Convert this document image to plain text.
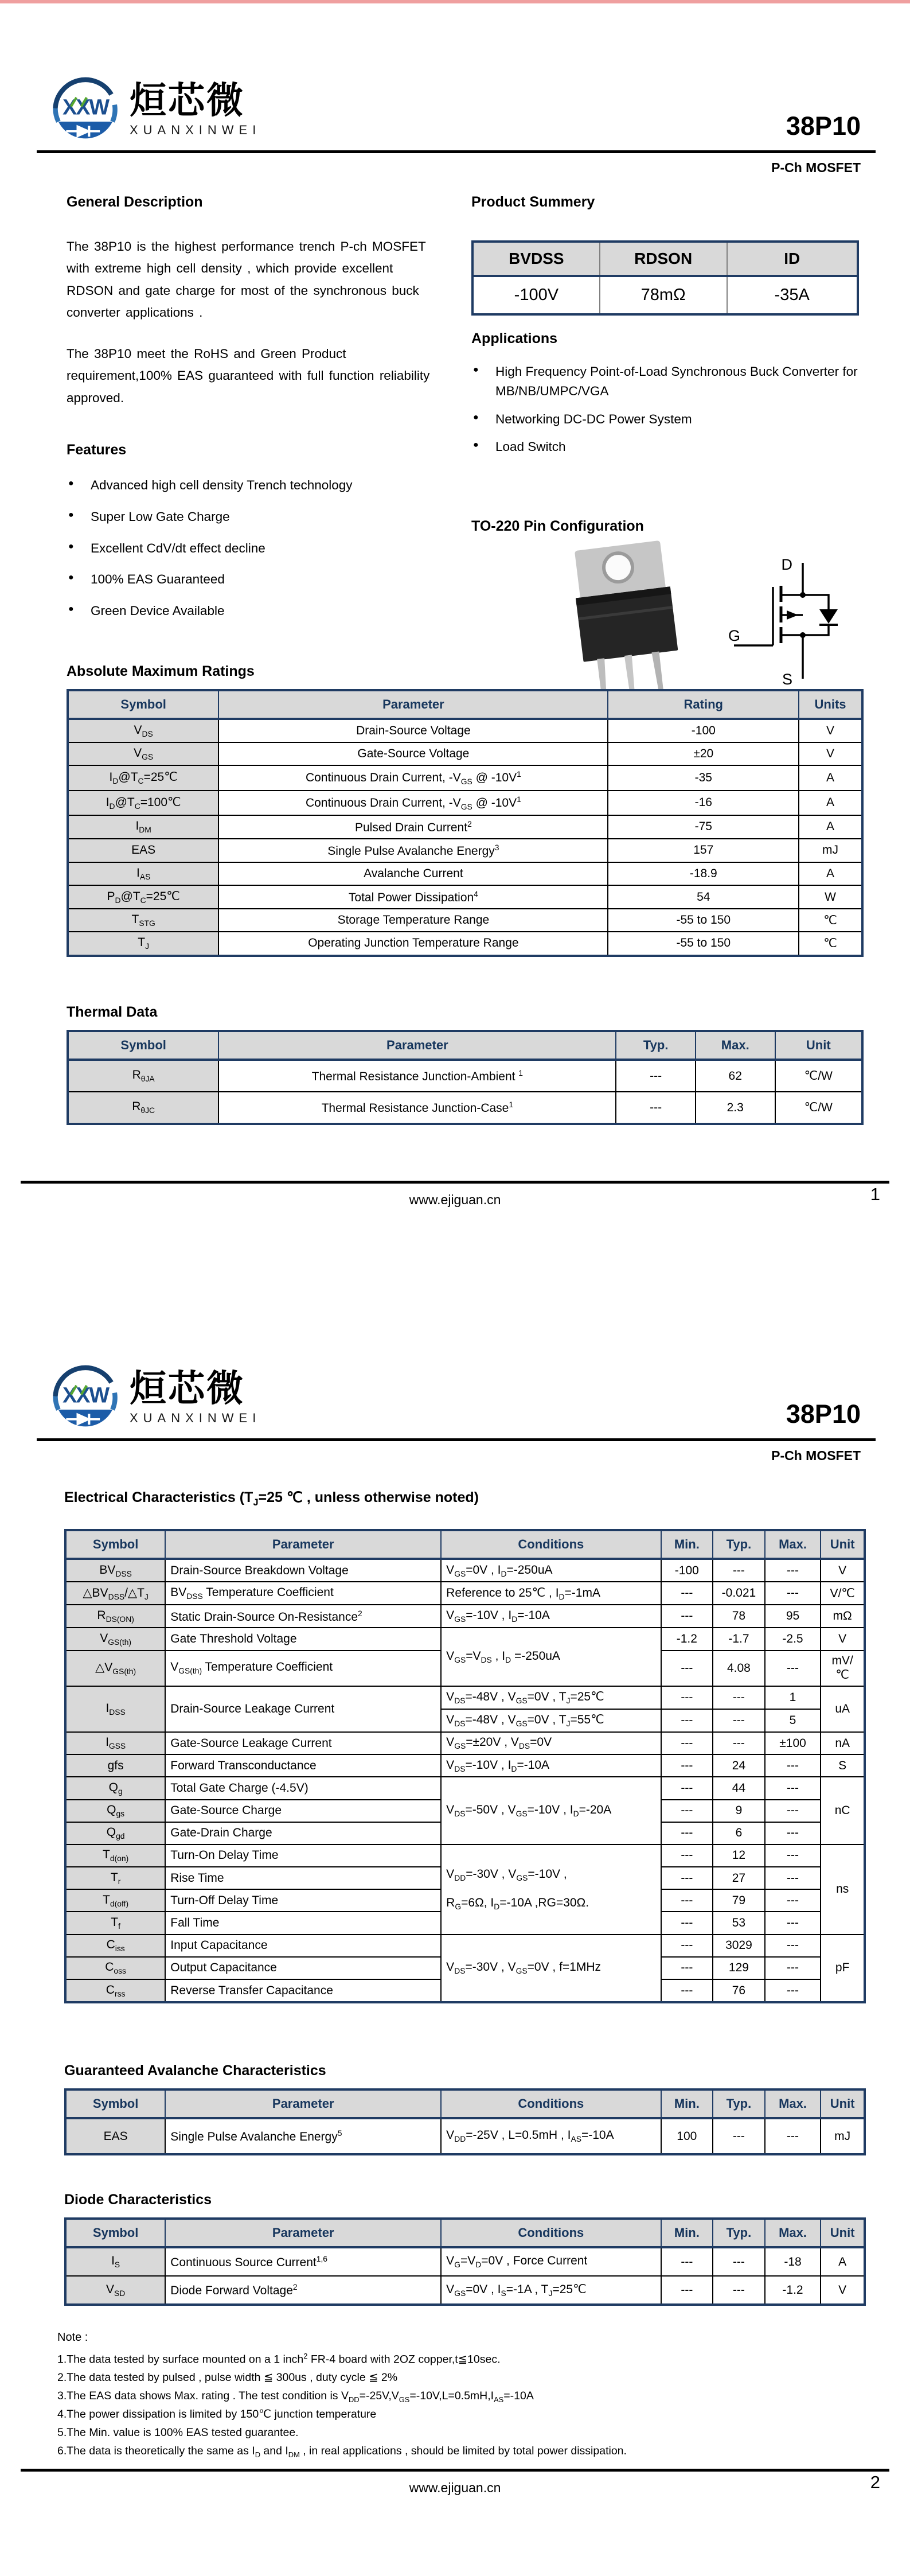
XXW 烜芯微
XUANXINWEI	38P10
P-Ch MOSFET
General Description

The 38P10 is the highest performance trench P-ch MOSFET with extreme high cell density , which provide excellent RDSON and gate charge for most of the synchronous buck converter applications .

The 38P10 meet the RoHS and Green Product requirement,100% EAS guaranteed with full function reliability approved.

Features
● Advanced high cell density Trench technology
● Super Low Gate Charge
● Excellent CdV/dt effect decline
● 100% EAS Guaranteed
● Green Device Available
Product Summery
BVDSS	RDSON	ID
-100V	78mΩ	-35A
Applications
● High Frequency Point-of-Load Synchronous Buck Converter for MB/NB/UMPC/VGA
● Networking DC-DC Power System
● Load Switch
TO-220 Pin Configuration
D
G
S
Absolute Maximum Ratings
Symbol	Parameter	Rating	Units
$V_{DS}$	Drain-Source Voltage	-100	V
$V_{GS}$	Gate-Source Voltage	±20	V
$I_D@T_C=25℃$	Continuous Drain Current, $-V_{GS}$ @ $-10V^1$	-35	A
$I_D@T_C=100℃$	Continuous Drain Current, $-V_{GS}$ @ $-10V^1$	-16	A
$I_{DM}$	Pulsed Drain Current$^2$	-75	A
EAS	Single Pulse Avalanche Energy$^3$	157	mJ
$I_{AS}$	Avalanche Current	-18.9	A
$P_D@T_C=25℃$	Total Power Dissipation$^4$	54	W
$T_{STG}$	Storage Temperature Range	-55 to 150	℃
$T_J$	Operating Junction Temperature Range	-55 to 150	℃
Thermal Data
Symbol	Parameter	Typ.	Max.	Unit
$R_{\theta JA}$	Thermal Resistance Junction-Ambient $^1$	---	62	℃/W
$R_{\theta JC}$	Thermal Resistance Junction-Case$^1$	---	2.3	℃/W
www.ejiguan.cn	1
XXW 烜芯微
XUANXINWEI	38P10
P-Ch MOSFET
Electrical Characteristics ($T_J=25$ ℃ , unless otherwise noted)
Symbol	Parameter	Conditions	Min.	Typ.	Max.	Unit
$BV_{DSS}$	Drain-Source Breakdown Voltage	$V_{GS}=0V$ , $I_D=-250uA$	-100	---	---	V
$\triangle BV_{DSS}/\triangle T_J$	$BV_{DSS}$ Temperature Coefficient	Reference to 25℃ , $I_D=-1mA$	---	-0.021	---	V/℃
$R_{DS(ON)}$	Static Drain-Source On-Resistance$^2$	$V_{GS}=-10V$ , $I_D=-10A$	---	78	95	mΩ
$V_{GS(th)}$	Gate Threshold Voltage	$V_{GS}=V_{DS}$ , $I_D =-250uA$	-1.2	-1.7	-2.5	V
$\triangle V_{GS(th)}$	$V_{GS(th)}$ Temperature Coefficient		---	4.08	---	mV/℃
$I_{DSS}$	Drain-Source Leakage Current	$V_{DS}=-48V$ , $V_{GS}=0V$ , $T_J=25℃$	---	---	1	uA
		$V_{DS}=-48V$ , $V_{GS}=0V$ , $T_J=55℃$	---	---	5	
$I_{GSS}$	Gate-Source Leakage Current	$V_{GS}=\pm 20V$ , $V_{DS}=0V$	---	---	±100	nA
gfs	Forward Transconductance	$V_{DS}=-10V$ , $I_D=-10A$	---	24	---	S
$Q_g$	Total Gate Charge (-4.5V)	$V_{DS}=-50V$ , $V_{GS}=-10V$ , $I_D=-20A$	---	44	---	nC
$Q_{gs}$	Gate-Source Charge		---	9	---	
$Q_{gd}$	Gate-Drain Charge		---	6	---	
$T_{d(on)}$	Turn-On Delay Time	$V_{DD}=-30V$ , $V_{GS}=-10V$ ,

$R_G=6\Omega$, $I_D=-10A$ ,RG=30Ω.	---	12	---	ns
$T_r$	Rise Time		---	27	---	
$T_{d(off)}$	Turn-Off Delay Time		---	79	---	
$T_f$	Fall Time		---	53	---	
$C_{iss}$	Input Capacitance	$V_{DS}=-30V$ , $V_{GS}=0V$ , f=1MHz	---	3029	---	pF
$C_{oss}$	Output Capacitance		---	129	---	
$C_{rss}$	Reverse Transfer Capacitance		---	76	---	
Guaranteed Avalanche Characteristics
Symbol	Parameter	Conditions	Min.	Typ.	Max.	Unit
EAS	Single Pulse Avalanche Energy$^5$	$V_{DD}=-25V$ , L=0.5mH , $I_{AS}=-10A$	100	---	---	mJ
Diode Characteristics
Symbol	Parameter	Conditions	Min.	Typ.	Max.	Unit
$I_S$	Continuous Source Current$^{1,6}$	$V_G=V_D=0V$ , Force Current	---	---	-18	A
$V_{SD}$	Diode Forward Voltage$^2$	$V_{GS}=0V$ , $I_S=-1A$ , $T_J=25℃$	---	---	-1.2	V
Note :
1.The data tested by surface mounted on a 1 inch$^2$ FR-4 board with 2OZ copper,t≦10sec.
2.The data tested by pulsed , pulse width ≦ 300us , duty cycle ≦ 2%
3.The EAS data shows Max. rating . The test condition is $V_{DD}=-25V,V_{GS}=-10V,L=0.5mH,I_{AS}=-10A$
4.The power dissipation is limited by 150℃ junction temperature
5.The Min. value is 100% EAS tested guarantee.
6.The data is theoretically the same as $I_D$ and $I_{DM}$ , in real applications , should be limited by total power dissipation.
www.ejiguan.cn	2
